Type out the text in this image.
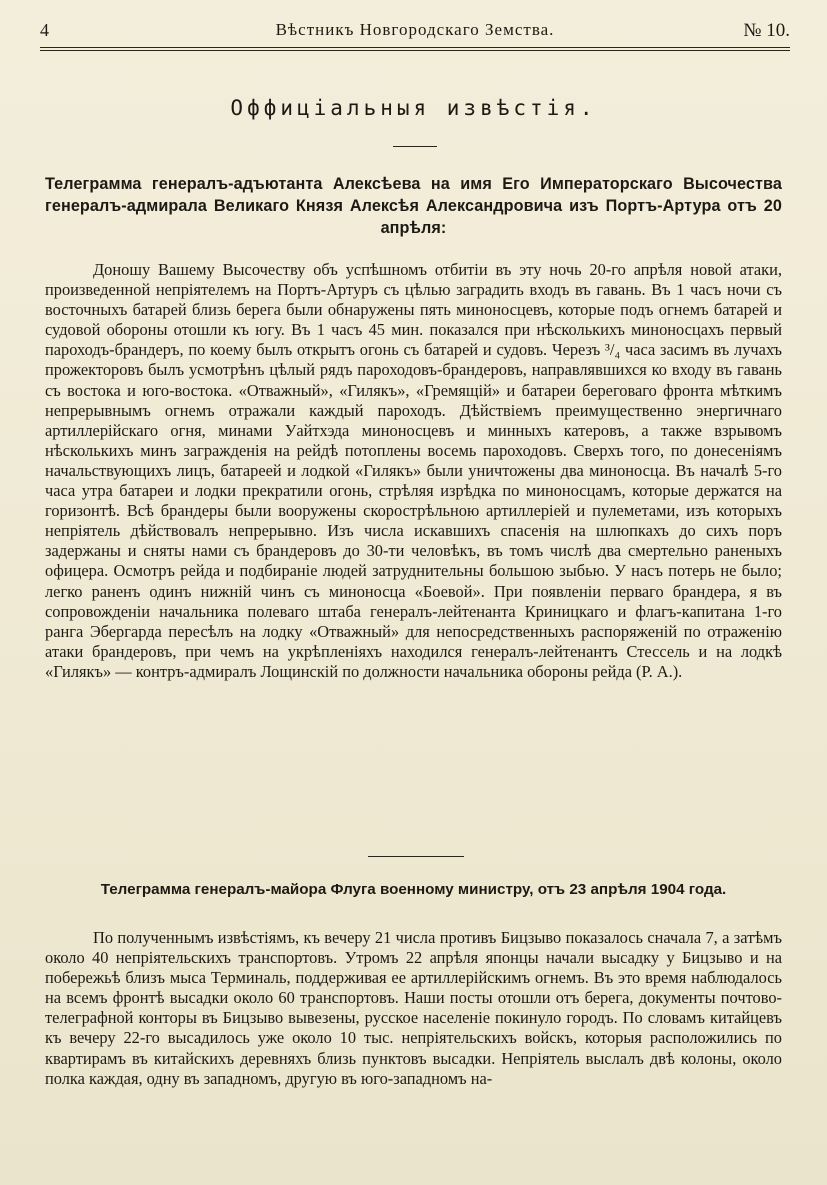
4	Вѣстникъ Новгородскаго Земства.	№ 10.
Оффиціальныя извѣстія.
Телеграмма генералъ-адъютанта Алексѣева на имя Его Императорскаго Высочества генералъ-адмирала Великаго Князя Алексѣя Александровича изъ Портъ-Артура отъ 20 апрѣля:
Доношу Вашему Высочеству объ успѣшномъ отбитіи въ эту ночь 20-го апрѣля новой атаки, произведенной непріятелемъ на Портъ-Артуръ съ цѣлью заградить входъ въ гавань. Въ 1 часъ ночи съ восточныхъ батарей близь берега были обнаружены пять миноносцевъ, которые подъ огнемъ батарей и судовой обороны отошли къ югу. Въ 1 часъ 45 мин. показался при нѣсколькихъ миноносцахъ первый пароходъ-брандеръ, по коему былъ открытъ огонь съ батарей и судовъ. Черезъ ³/₄ часа засимъ въ лучахъ прожекторовъ былъ усмотрѣнъ цѣлый рядъ пароходовъ-брандеровъ, направлявшихся ко входу въ гавань съ востока и юго-востока. «Отважный», «Гилякъ», «Гремящій» и батареи береговаго фронта мѣткимъ непрерывнымъ огнемъ отражали каждый пароходъ. Дѣйствіемъ преимущественно энергичнаго артиллерійскаго огня, минами Уайтхэда миноносцевъ и минныхъ катеровъ, а также взрывомъ нѣсколькихъ минъ загражденія на рейдѣ потоплены восемь пароходовъ. Сверхъ того, по донесеніямъ начальствующихъ лицъ, батареей и лодкой «Гилякъ» были уничтожены два миноносца. Въ началѣ 5-го часа утра батареи и лодки прекратили огонь, стрѣляя изрѣдка по миноносцамъ, которые держатся на горизонтѣ. Всѣ брандеры были вооружены скорострѣльною артиллеріей и пулеметами, изъ которыхъ непріятель дѣйствовалъ непрерывно. Изъ числа искавшихъ спасенія на шлюпкахъ до сихъ поръ задержаны и сняты нами съ брандеровъ до 30-ти человѣкъ, въ томъ числѣ два смертельно раненыхъ офицера. Осмотръ рейда и подбираніе людей затруднительны большою зыбью. У насъ потерь не было; легко раненъ одинъ нижній чинъ съ миноносца «Боевой». При появленіи перваго брандера, я въ сопровожденіи начальника полеваго штаба генералъ-лейтенанта Криницкаго и флагъ-капитана 1-го ранга Эбергарда пересѣлъ на лодку «Отважный» для непосредственныхъ распоряженій по отраженію атаки брандеровъ, при чемъ на укрѣпленіяхъ находился генералъ-лейтенантъ Стессель и на лодкѣ «Гилякъ» — контръ-адмиралъ Лощинскій по должности начальника обороны рейда (Р. А.).
Телеграмма генералъ-майора Флуга военному министру, отъ 23 апрѣля 1904 года.
По полученнымъ извѣстіямъ, къ вечеру 21 числа противъ Бицзыво показалось сначала 7, а затѣмъ около 40 непріятельскихъ транспортовъ. Утромъ 22 апрѣля японцы начали высадку у Бицзыво и на побережьѣ близъ мыса Терминаль, поддерживая ее артиллерійскимъ огнемъ. Въ это время наблюдалось на всемъ фронтѣ высадки около 60 транспортовъ. Наши посты отошли отъ берега, документы почтово-телеграфной конторы въ Бицзыво вывезены, русское населеніе покинуло городъ. По словамъ китайцевъ къ вечеру 22-го высадилось уже около 10 тыс. непріятельскихъ войскъ, которыя расположились по квартирамъ въ китайскихъ деревняхъ близь пунктовъ высадки. Непріятель выслалъ двѣ колоны, около полка каждая, одну въ западномъ, другую въ юго-западномъ на-
